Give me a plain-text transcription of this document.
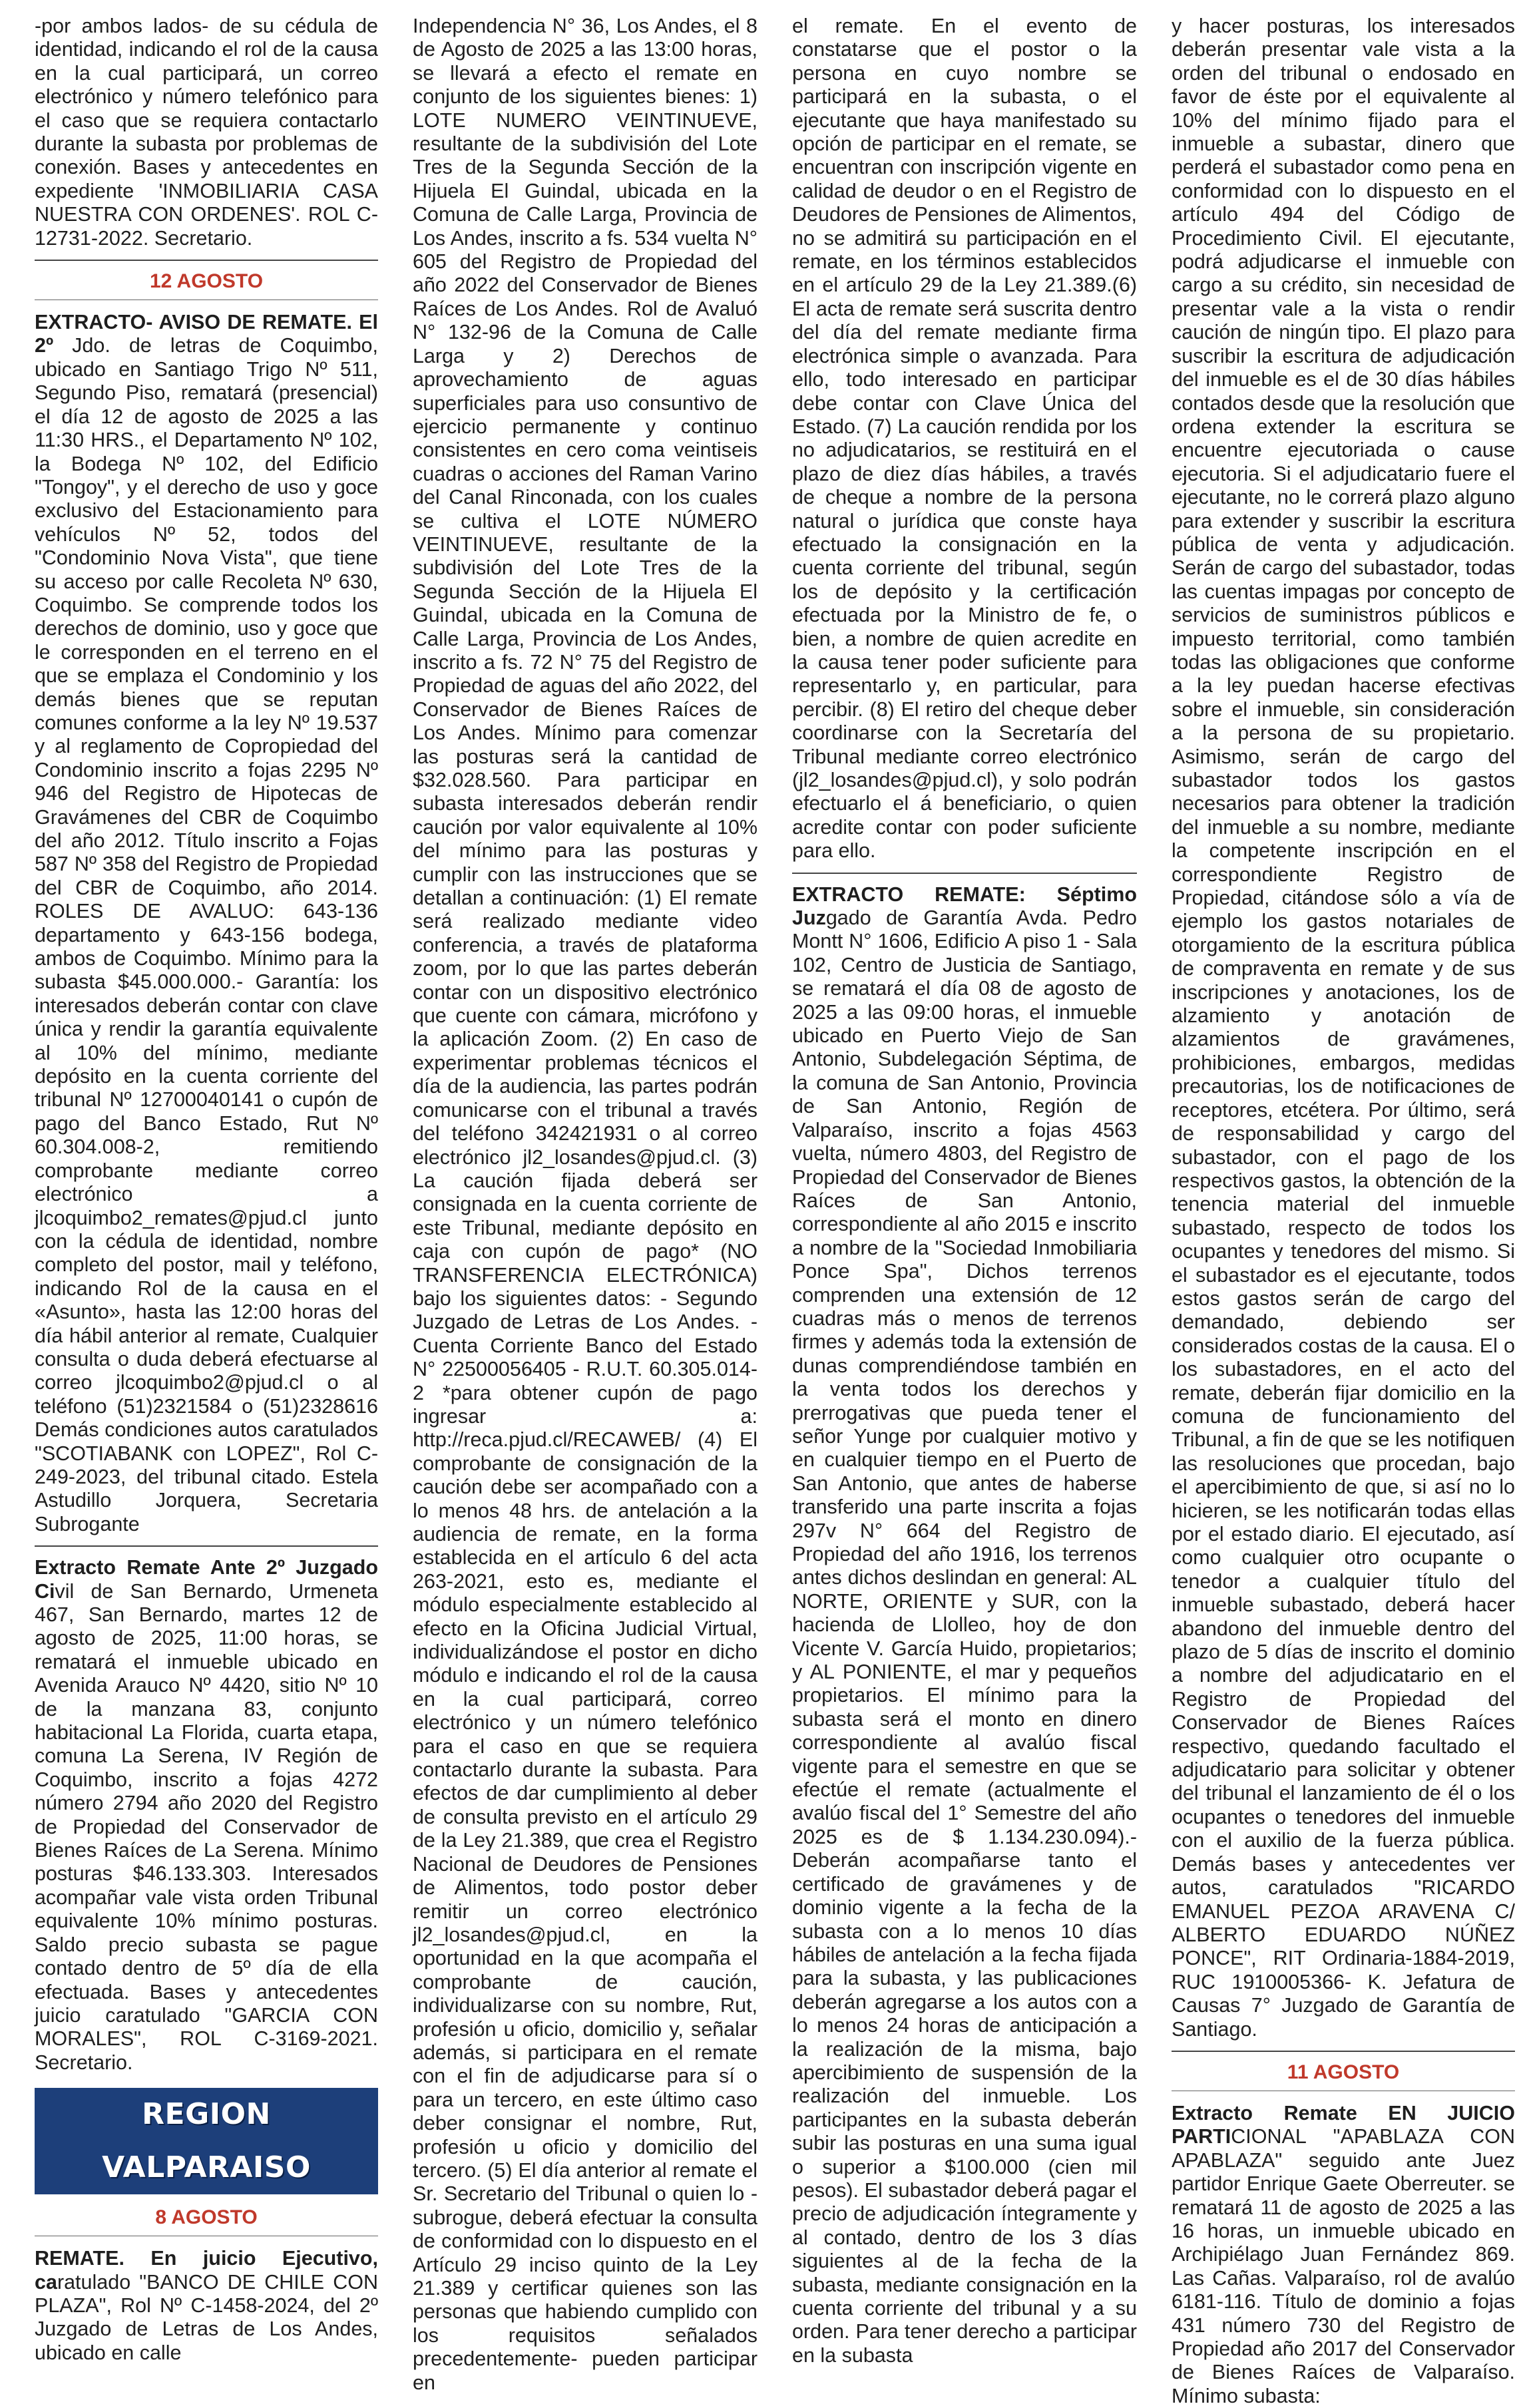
-por ambos lados- de su cédula de identidad, indicando el rol de la causa en la cual participará, un correo electrónico y número telefónico para el caso que se requiera contactarlo durante la subasta por problemas de conexión. Bases y antecedentes en expediente 'INMOBILIARIA CASA NUESTRA CON ORDENES'. ROL C-12731-2022. Secretario.

12 AGOSTO

EXTRACTO- AVISO DE REMATE. El 2º Jdo. de letras de Coquimbo, ubicado en Santiago Trigo Nº 511, Segundo Piso, rematará (presencial) el día 12 de agosto de 2025 a las 11:30 HRS., el Departamento Nº 102, la Bodega Nº 102, del Edificio "Tongoy", y el derecho de uso y goce exclusivo del Estacionamiento para vehículos Nº 52, todos del "Condominio Nova Vista", que tiene su acceso por calle Recoleta Nº 630, Coquimbo. Se comprende todos los derechos de dominio, uso y goce que le corresponden en el terreno en el que se emplaza el Condominio y los demás bienes que se reputan comunes conforme a la ley Nº 19.537 y al reglamento de Copropiedad del Condominio inscrito a fojas 2295 Nº 946 del Registro de Hipotecas de Gravámenes del CBR de Coquimbo del año 2012. Título inscrito a Fojas 587 Nº 358 del Registro de Propiedad del CBR de Coquimbo, año 2014. ROLES DE AVALUO: 643-136 departamento y 643-156 bodega, ambos de Coquimbo. Mínimo para la subasta $45.000.000.- Garantía: los interesados deberán contar con clave única y rendir la garantía equivalente al 10% del mínimo, mediante depósito en la cuenta corriente del tribunal Nº 12700040141 o cupón de pago del Banco Estado, Rut Nº 60.304.008-2, remitiendo comprobante mediante correo electrónico a jlcoquimbo2_remates@pjud.cl junto con la cédula de identidad, nombre completo del postor, mail y teléfono, indicando Rol de la causa en el «Asunto», hasta las 12:00 horas del día hábil anterior al remate, Cualquier consulta o duda deberá efectuarse al correo jlcoquimbo2@pjud.cl o al teléfono (51)2321584 o (51)2328616 Demás condiciones autos caratulados "SCOTIABANK con LOPEZ", Rol C-249-2023, del tribunal citado. Estela Astudillo Jorquera, Secretaria Subrogante

Extracto Remate Ante 2º Juzgado Civil de San Bernardo, Urmeneta 467, San Bernardo, martes 12 de agosto de 2025, 11:00 horas, se rematará el inmueble ubicado en Avenida Arauco Nº 4420, sitio Nº 10 de la manzana 83, conjunto habitacional La Florida, cuarta etapa, comuna La Serena, IV Región de Coquimbo, inscrito a fojas 4272 número 2794 año 2020 del Registro de Propiedad del Conservador de Bienes Raíces de La Serena. Mínimo posturas $46.133.303. Interesados acompañar vale vista orden Tribunal equivalente 10% mínimo posturas. Saldo precio subasta se pague contado dentro de 5º día de ella efectuada. Bases y antecedentes juicio caratulado "GARCIA CON MORALES", ROL C-3169-2021. Secretario.

REGION VALPARAISO

8 AGOSTO

REMATE. En juicio Ejecutivo, caratulado "BANCO DE CHILE CON PLAZA", Rol Nº C-1458-2024, del 2º Juzgado de Letras de Los Andes, ubicado en calle

Independencia N° 36, Los Andes, el 8 de Agosto de 2025 a las 13:00 horas, se llevará a efecto el remate en conjunto de los siguientes bienes: 1) LOTE NUMERO VEINTINUEVE, resultante de la subdivisión del Lote Tres de la Segunda Sección de la Hijuela El Guindal, ubicada en la Comuna de Calle Larga, Provincia de Los Andes, inscrito a fs. 534 vuelta N° 605 del Registro de Propiedad del año 2022 del Conservador de Bienes Raíces de Los Andes. Rol de Avaluó N° 132-96 de la Comuna de Calle Larga y 2) Derechos de aprovechamiento de aguas superficiales para uso consuntivo de ejercicio permanente y continuo consistentes en cero coma veintiseis cuadras o acciones del Raman Varino del Canal Rinconada, con los cuales se cultiva el LOTE NÚMERO VEINTINUEVE, resultante de la subdivisión del Lote Tres de la Segunda Sección de la Hijuela El Guindal, ubicada en la Comuna de Calle Larga, Provincia de Los Andes, inscrito a fs. 72 N° 75 del Registro de Propiedad de aguas del año 2022, del Conservador de Bienes Raíces de Los Andes. Mínimo para comenzar las posturas será la cantidad de $32.028.560. Para participar en subasta interesados deberán rendir caución por valor equivalente al 10% del mínimo para las posturas y cumplir con las instrucciones que se detallan a continuación: (1) El remate será realizado mediante video conferencia, a través de plataforma zoom, por lo que las partes deberán contar con un dispositivo electrónico que cuente con cámara, micrófono y la aplicación Zoom. (2) En caso de experimentar problemas técnicos el día de la audiencia, las partes podrán comunicarse con el tribunal a través del teléfono 342421931 o al correo electrónico jl2_losandes@pjud.cl. (3) La caución fijada deberá ser consignada en la cuenta corriente de este Tribunal, mediante depósito en caja con cupón de pago* (NO TRANSFERENCIA ELECTRÓNICA) bajo los siguientes datos: - Segundo Juzgado de Letras de Los Andes. - Cuenta Corriente Banco del Estado N° 22500056405 - R.U.T. 60.305.014-2 *para obtener cupón de pago ingresar a: http://reca.pjud.cl/RECAWEB/ (4) El comprobante de consignación de la caución debe ser acompañado con a lo menos 48 hrs. de antelación a la audiencia de remate, en la forma establecida en el artículo 6 del acta 263-2021, esto es, mediante el módulo especialmente establecido al efecto en la Oficina Judicial Virtual, individualizándose el postor en dicho módulo e indicando el rol de la causa en la cual participará, correo electrónico y un número telefónico para el caso en que se requiera contactarlo durante la subasta. Para efectos de dar cumplimiento al deber de consulta previsto en el artículo 29 de la Ley 21.389, que crea el Registro Nacional de Deudores de Pensiones de Alimentos, todo postor deber remitir un correo electrónico jl2_losandes@pjud.cl, en la oportunidad en la que acompaña el comprobante de caución, individualizarse con su nombre, Rut, profesión u oficio, domicilio y, señalar además, si participara en el remate con el fin de adjudicarse para sí o para un tercero, en este último caso deber consignar el nombre, Rut, profesión u oficio y domicilio del tercero. (5) El día anterior al remate el Sr. Secretario del Tribunal o quien lo -subrogue, deberá efectuar la consulta de conformidad con lo dispuesto en el Artículo 29 inciso quinto de la Ley 21.389 y certificar quienes son las personas que habiendo cumplido con los requisitos señalados precedentemente- pueden participar en

el remate. En el evento de constatarse que el postor o la persona en cuyo nombre se participará en la subasta, o el ejecutante que haya manifestado su opción de participar en el remate, se encuentran con inscripción vigente en calidad de deudor o en el Registro de Deudores de Pensiones de Alimentos, no se admitirá su participación en el remate, en los términos establecidos en el artículo 29 de la Ley 21.389.(6) El acta de remate será suscrita dentro del día del remate mediante firma electrónica simple o avanzada. Para ello, todo interesado en participar debe contar con Clave Única del Estado. (7) La caución rendida por los no adjudicatarios, se restituirá en el plazo de diez días hábiles, a través de cheque a nombre de la persona natural o jurídica que conste haya efectuado la consignación en la cuenta corriente del tribunal, según los de depósito y la certificación efectuada por la Ministro de fe, o bien, a nombre de quien acredite en la causa tener poder suficiente para representarlo y, en particular, para percibir. (8) El retiro del cheque deber coordinarse con la Secretaría del Tribunal mediante correo electrónico (jl2_losandes@pjud.cl), y solo podrán efectuarlo el á beneficiario, o quien acredite contar con poder suficiente para ello.

EXTRACTO REMATE: Séptimo Juzgado de Garantía Avda. Pedro Montt N° 1606, Edificio A piso 1 - Sala 102, Centro de Justicia de Santiago, se rematará el día 08 de agosto de 2025 a las 09:00 horas, el inmueble ubicado en Puerto Viejo de San Antonio, Subdelegación Séptima, de la comuna de San Antonio, Provincia de San Antonio, Región de Valparaíso, inscrito a fojas 4563 vuelta, número 4803, del Registro de Propiedad del Conservador de Bienes Raíces de San Antonio, correspondiente al año 2015 e inscrito a nombre de la "Sociedad Inmobiliaria Ponce Spa", Dichos terrenos comprenden una extensión de 12 cuadras más o menos de terrenos firmes y además toda la extensión de dunas comprendiéndose también en la venta todos los derechos y prerrogativas que pueda tener el señor Yunge por cualquier motivo y en cualquier tiempo en el Puerto de San Antonio, que antes de haberse transferido una parte inscrita a fojas 297v N° 664 del Registro de Propiedad del año 1916, los terrenos antes dichos deslindan en general: AL NORTE, ORIENTE y SUR, con la hacienda de Llolleo, hoy de don Vicente V. García Huido, propietarios; y AL PONIENTE, el mar y pequeños propietarios. El mínimo para la subasta será el monto en dinero correspondiente al avalúo fiscal vigente para el semestre en que se efectúe el remate (actualmente el avalúo fiscal del 1° Semestre del año 2025 es de $ 1.134.230.094).- Deberán acompañarse tanto el certificado de gravámenes y de dominio vigente a la fecha de la subasta con a lo menos 10 días hábiles de antelación a la fecha fijada para la subasta, y las publicaciones deberán agregarse a los autos con a lo menos 24 horas de anticipación a la realización de la misma, bajo apercibimiento de suspensión de la realización del inmueble. Los participantes en la subasta deberán subir las posturas en una suma igual o superior a $100.000 (cien mil pesos). El subastador deberá pagar el precio de adjudicación íntegramente y al contado, dentro de los 3 días siguientes al de la fecha de la subasta, mediante consignación en la cuenta corriente del tribunal y a su orden. Para tener derecho a participar en la subasta

y hacer posturas, los interesados deberán presentar vale vista a la orden del tribunal o endosado en favor de éste por el equivalente al 10% del mínimo fijado para el inmueble a subastar, dinero que perderá el subastador como pena en conformidad con lo dispuesto en el artículo 494 del Código de Procedimiento Civil. El ejecutante, podrá adjudicarse el inmueble con cargo a su crédito, sin necesidad de presentar vale a la vista o rendir caución de ningún tipo. El plazo para suscribir la escritura de adjudicación del inmueble es el de 30 días hábiles contados desde que la resolución que ordena extender la escritura se encuentre ejecutoriada o cause ejecutoria. Si el adjudicatario fuere el ejecutante, no le correrá plazo alguno para extender y suscribir la escritura pública de venta y adjudicación. Serán de cargo del subastador, todas las cuentas impagas por concepto de servicios de suministros públicos e impuesto territorial, como también todas las obligaciones que conforme a la ley puedan hacerse efectivas sobre el inmueble, sin consideración a la persona de su propietario. Asimismo, serán de cargo del subastador todos los gastos necesarios para obtener la tradición del inmueble a su nombre, mediante la competente inscripción en el correspondiente Registro de Propiedad, citándose sólo a vía de ejemplo los gastos notariales de otorgamiento de la escritura pública de compraventa en remate y de sus inscripciones y anotaciones, los de alzamiento y anotación de alzamientos de gravámenes, prohibiciones, embargos, medidas precautorias, los de notificaciones de receptores, etcétera. Por último, será de responsabilidad y cargo del subastador, con el pago de los respectivos gastos, la obtención de la tenencia material del inmueble subastado, respecto de todos los ocupantes y tenedores del mismo. Si el subastador es el ejecutante, todos estos gastos serán de cargo del demandado, debiendo ser considerados costas de la causa. El o los subastadores, en el acto del remate, deberán fijar domicilio en la comuna de funcionamiento del Tribunal, a fin de que se les notifiquen las resoluciones que procedan, bajo el apercibimiento de que, si así no lo hicieren, se les notificarán todas ellas por el estado diario. El ejecutado, así como cualquier otro ocupante o tenedor a cualquier título del inmueble subastado, deberá hacer abandono del inmueble dentro del plazo de 5 días de inscrito el dominio a nombre del adjudicatario en el Registro de Propiedad del Conservador de Bienes Raíces respectivo, quedando facultado el adjudicatario para solicitar y obtener del tribunal el lanzamiento de él o los ocupantes o tenedores del inmueble con el auxilio de la fuerza pública. Demás bases y antecedentes ver autos, caratulados "RICARDO EMANUEL PEZOA ARAVENA C/ ALBERTO EDUARDO NÚÑEZ PONCE", RIT Ordinaria-1884-2019, RUC 1910005366- K. Jefatura de Causas 7° Juzgado de Garantía de Santiago.

11 AGOSTO

Extracto Remate EN JUICIO PARTICIONAL "APABLAZA CON APABLAZA" seguido ante Juez partidor Enrique Gaete Oberreuter. se rematará 11 de agosto de 2025 a las 16 horas, un inmueble ubicado en Archipiélago Juan Fernández 869. Las Cañas. Valparaíso, rol de avalúo 6181-116. Título de dominio a fojas 431 número 730 del Registro de Propiedad año 2017 del Conservador de Bienes Raíces de Valparaíso. Mínimo subasta:
